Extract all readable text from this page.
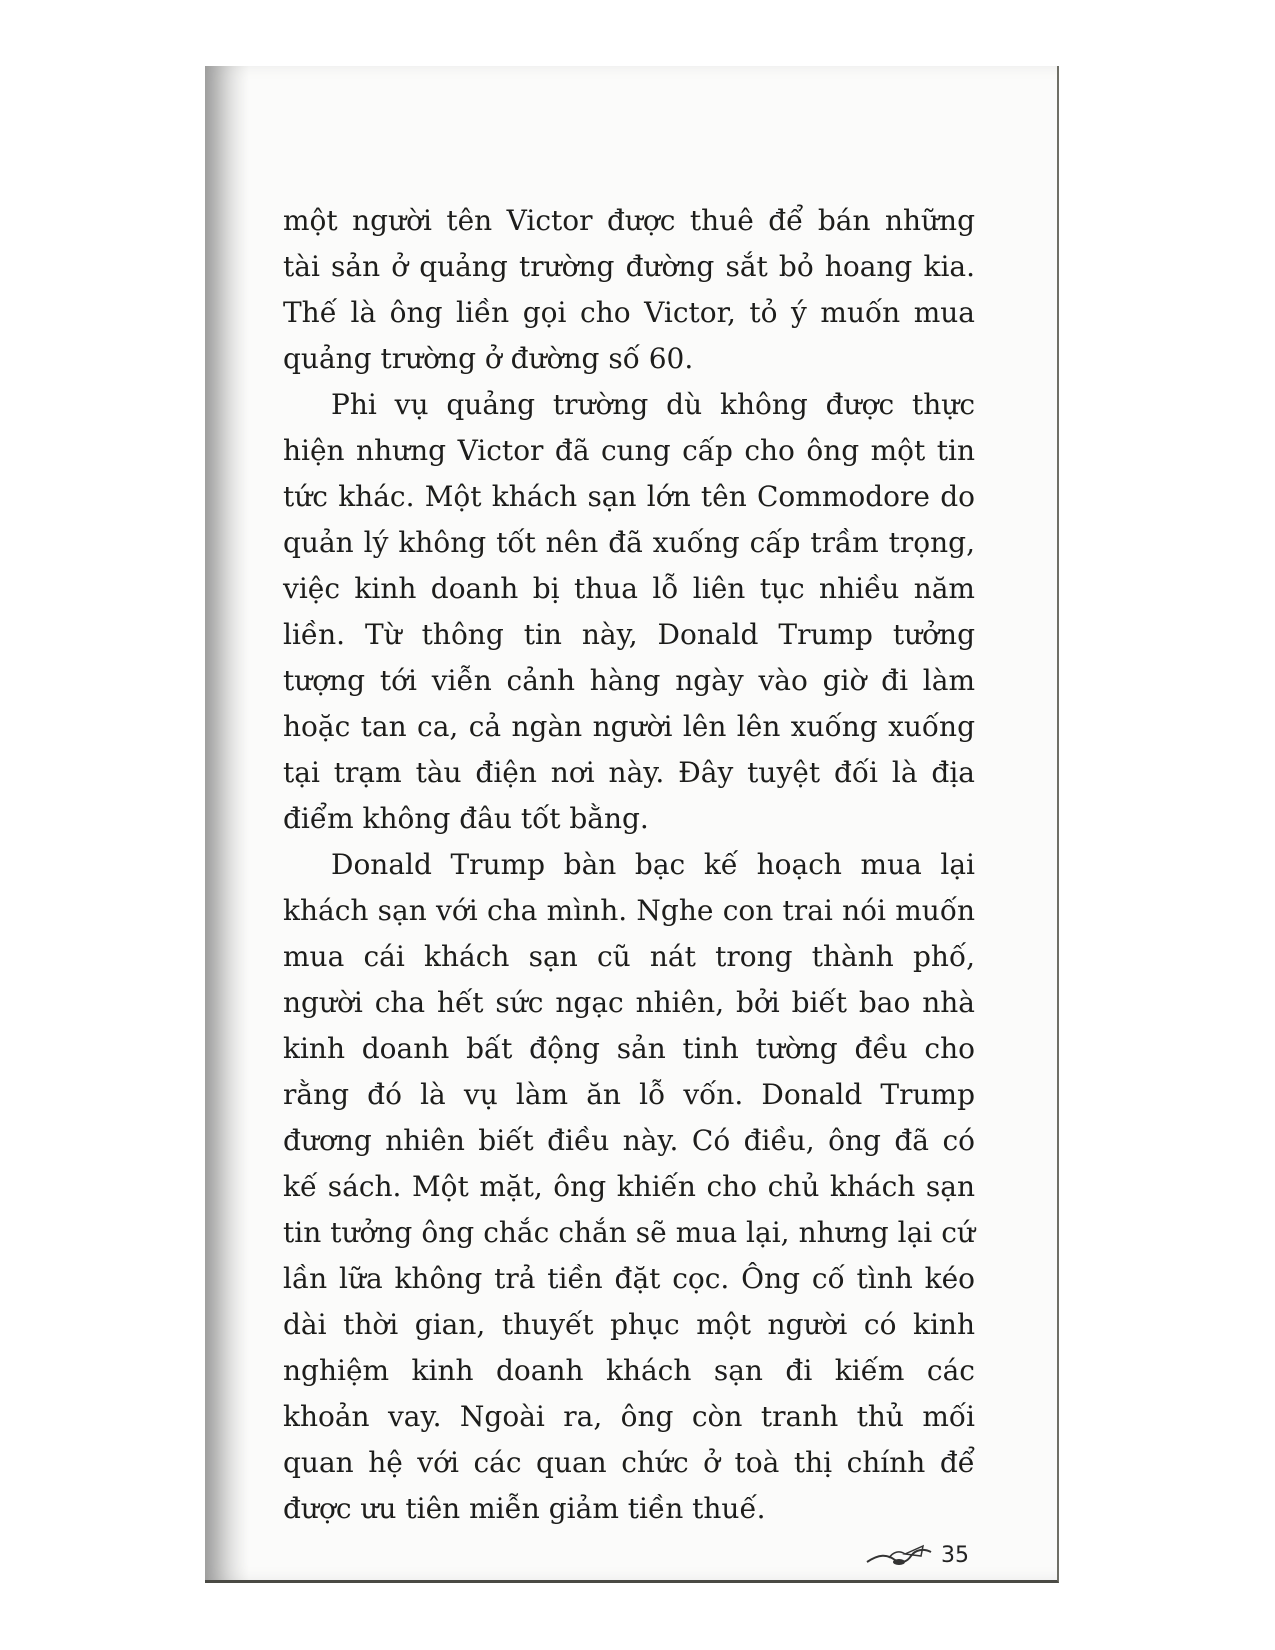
một người tên Victor được thuê để bán những tài sản ở quảng trường đường sắt bỏ hoang kia. Thế là ông liền gọi cho Victor, tỏ ý muốn mua quảng trường ở đường số 60.

Phi vụ quảng trường dù không được thực hiện nhưng Victor đã cung cấp cho ông một tin tức khác. Một khách sạn lớn tên Commodore do quản lý không tốt nên đã xuống cấp trầm trọng, việc kinh doanh bị thua lỗ liên tục nhiều năm liền. Từ thông tin này, Donald Trump tưởng tượng tới viễn cảnh hàng ngày vào giờ đi làm hoặc tan ca, cả ngàn người lên lên xuống xuống tại trạm tàu điện nơi này. Đây tuyệt đối là địa điểm không đâu tốt bằng.

Donald Trump bàn bạc kế hoạch mua lại khách sạn với cha mình. Nghe con trai nói muốn mua cái khách sạn cũ nát trong thành phố, người cha hết sức ngạc nhiên, bởi biết bao nhà kinh doanh bất động sản tinh tường đều cho rằng đó là vụ làm ăn lỗ vốn. Donald Trump đương nhiên biết điều này. Có điều, ông đã có kế sách. Một mặt, ông khiến cho chủ khách sạn tin tưởng ông chắc chắn sẽ mua lại, nhưng lại cứ lần lữa không trả tiền đặt cọc. Ông cố tình kéo dài thời gian, thuyết phục một người có kinh nghiệm kinh doanh khách sạn đi kiếm các khoản vay. Ngoài ra, ông còn tranh thủ mối quan hệ với các quan chức ở toà thị chính để được ưu tiên miễn giảm tiền thuế.

35
